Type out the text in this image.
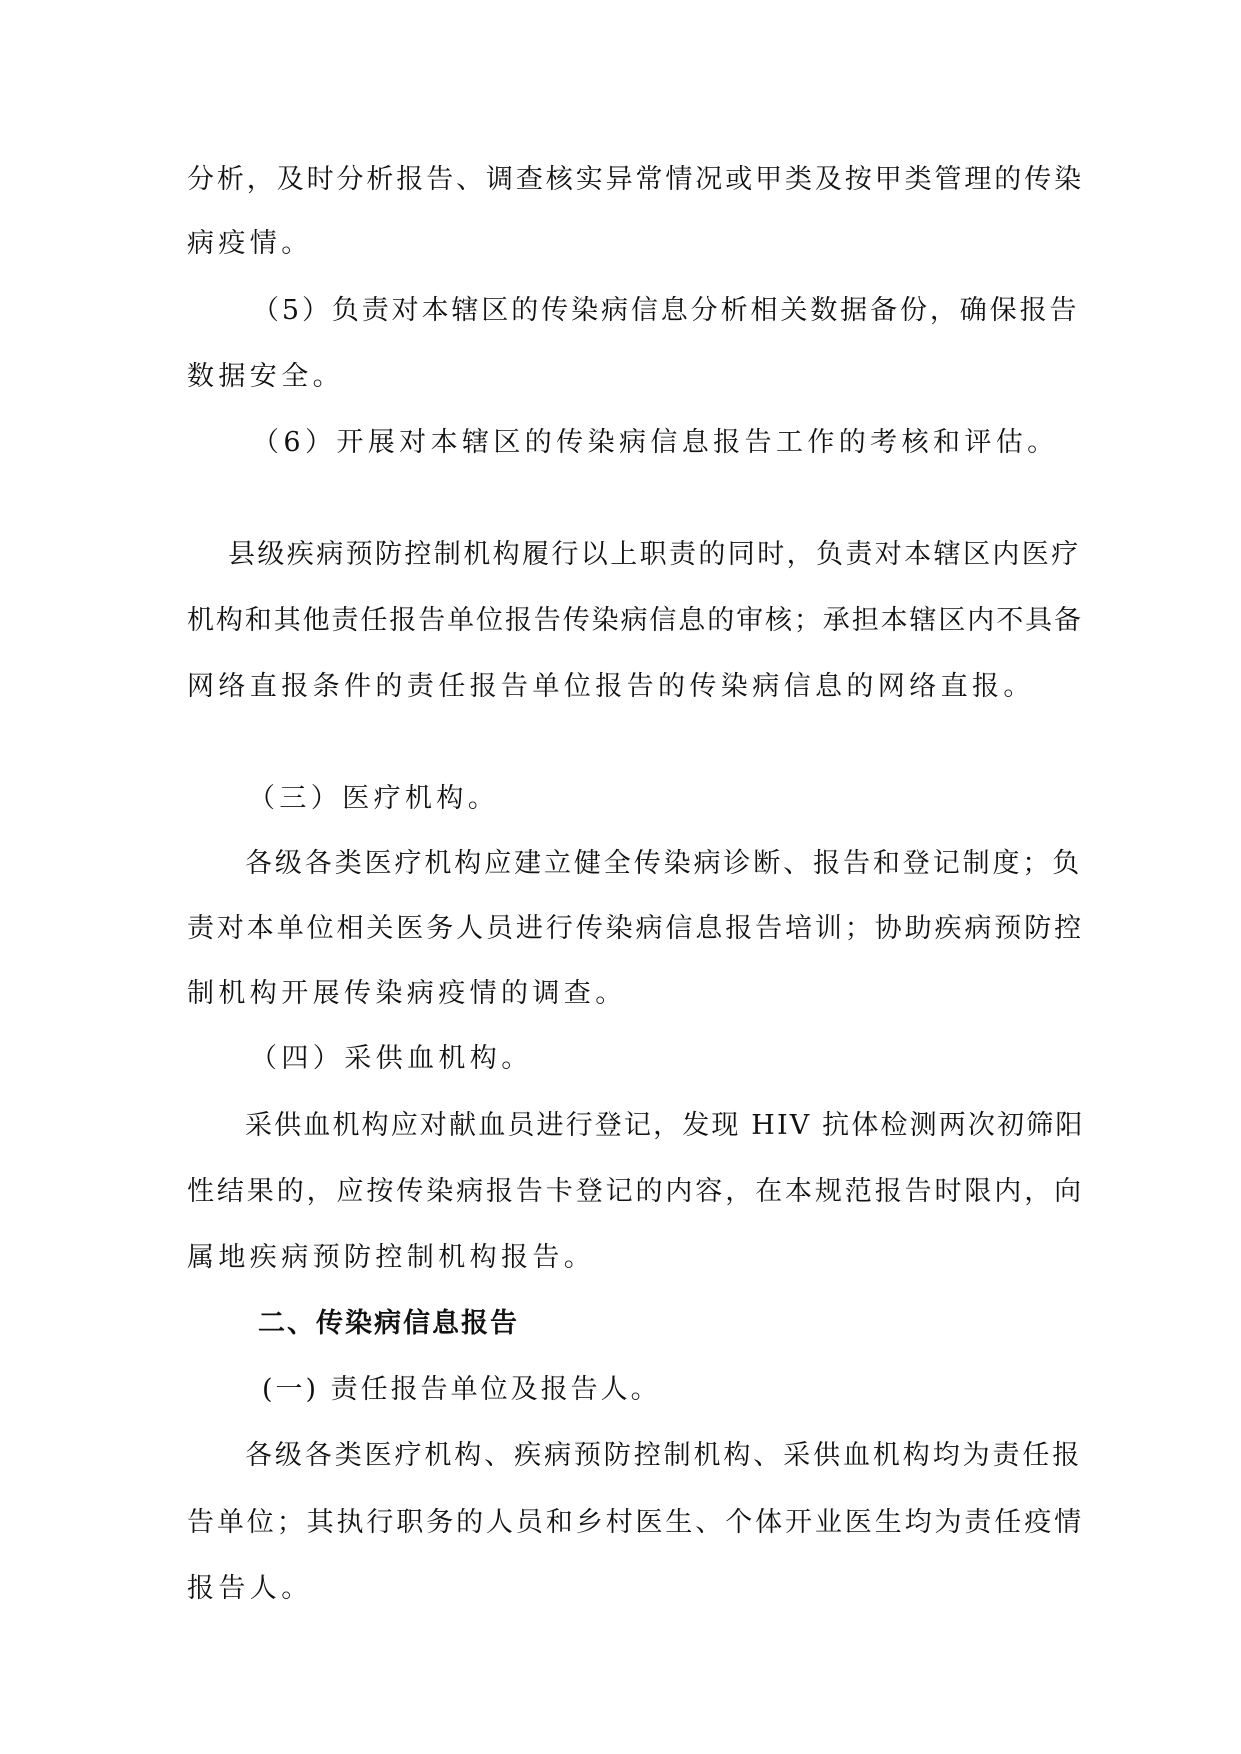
分析，及时分析报告、调查核实异常情况或甲类及按甲类管理的传染
病疫情。
（5）负责对本辖区的传染病信息分析相关数据备份，确保报告
数据安全。
（6）开展对本辖区的传染病信息报告工作的考核和评估。
县级疾病预防控制机构履行以上职责的同时，负责对本辖区内医疗
机构和其他责任报告单位报告传染病信息的审核；承担本辖区内不具备
网络直报条件的责任报告单位报告的传染病信息的网络直报。
（三）医疗机构。
各级各类医疗机构应建立健全传染病诊断、报告和登记制度；负
责对本单位相关医务人员进行传染病信息报告培训；协助疾病预防控
制机构开展传染病疫情的调查。
（四）采供血机构。
采供血机构应对献血员进行登记，发现 HIV 抗体检测两次初筛阳
性结果的，应按传染病报告卡登记的内容，在本规范报告时限内，向
属地疾病预防控制机构报告。
二、传染病信息报告
(一) 责任报告单位及报告人。
各级各类医疗机构、疾病预防控制机构、采供血机构均为责任报
告单位；其执行职务的人员和乡村医生、个体开业医生均为责任疫情
报告人。
